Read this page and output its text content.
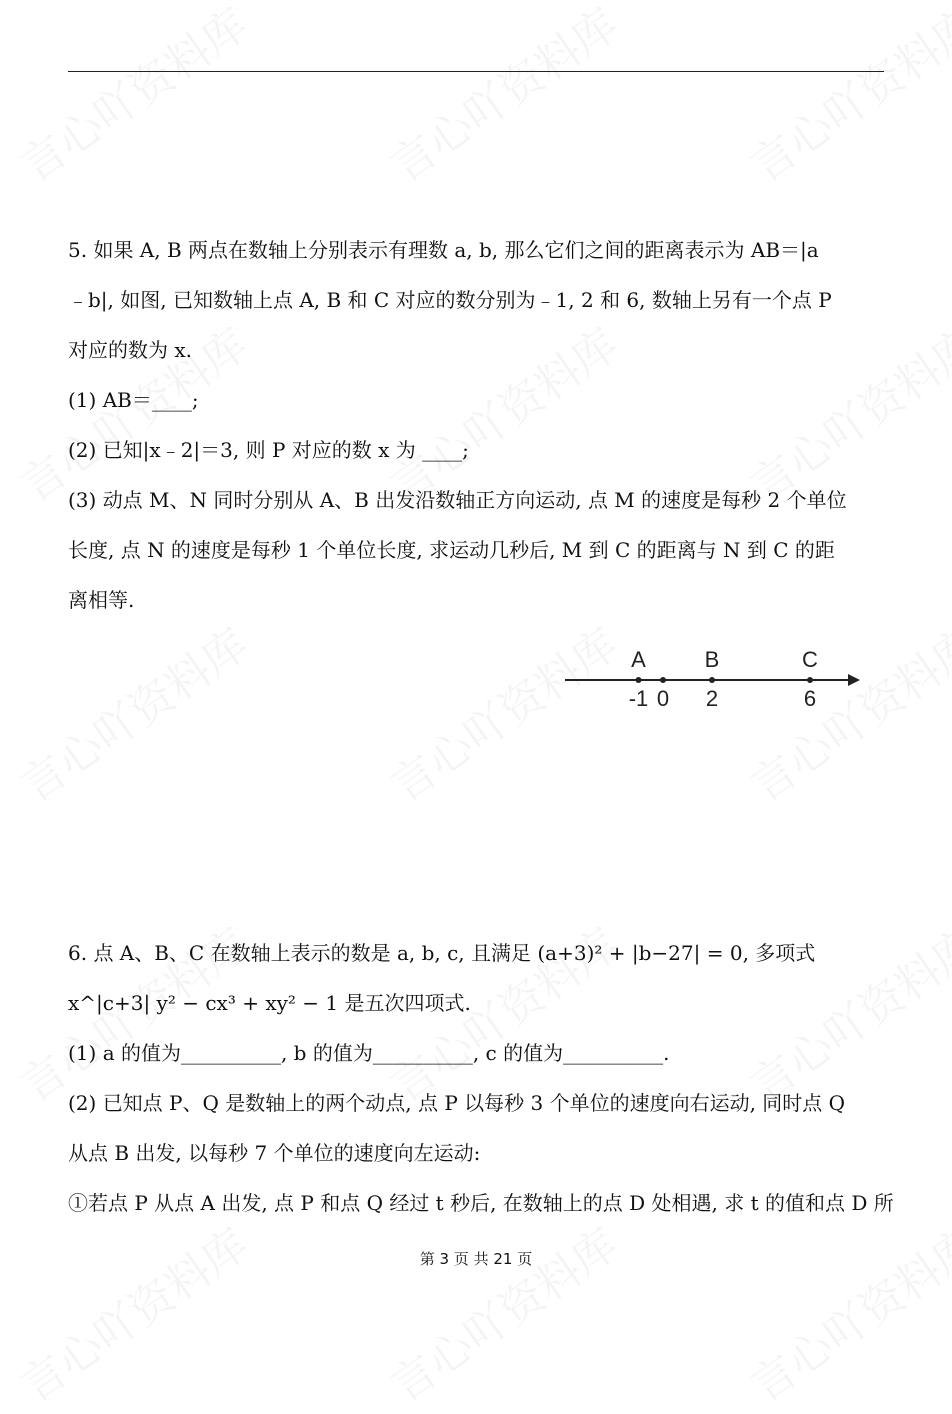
5. 如果 A, B 两点在数轴上分别表示有理数 a, b, 那么它们之间的距离表示为 AB＝|a
﹣b|, 如图, 已知数轴上点 A, B 和 C 对应的数分别为﹣1, 2 和 6, 数轴上另有一个点 P
对应的数为 x.
(1) AB＝____;
(2) 已知|x﹣2|＝3, 则 P 对应的数 x 为 ____;
(3) 动点 M、N 同时分别从 A、B 出发沿数轴正方向运动, 点 M 的速度是每秒 2 个单位
长度, 点 N 的速度是每秒 1 个单位长度, 求运动几秒后, M 到 C 的距离与 N 到 C 的距
离相等.
-1 0 2	6
A	B	C
6. 点 A、B、C 在数轴上表示的数是 a, b, c, 且满足 (a+3)² + |b−27| = 0, 多项式
x^|c+3| y² − cx³ + xy² − 1 是五次四项式.
(1) a 的值为__________, b 的值为__________, c 的值为__________.
(2) 已知点 P、Q 是数轴上的两个动点, 点 P 以每秒 3 个单位的速度向右运动, 同时点 Q
从点 B 出发, 以每秒 7 个单位的速度向左运动:
①若点 P 从点 A 出发, 点 P 和点 Q 经过 t 秒后, 在数轴上的点 D 处相遇, 求 t 的值和点 D 所
第 3 页 共 21 页
